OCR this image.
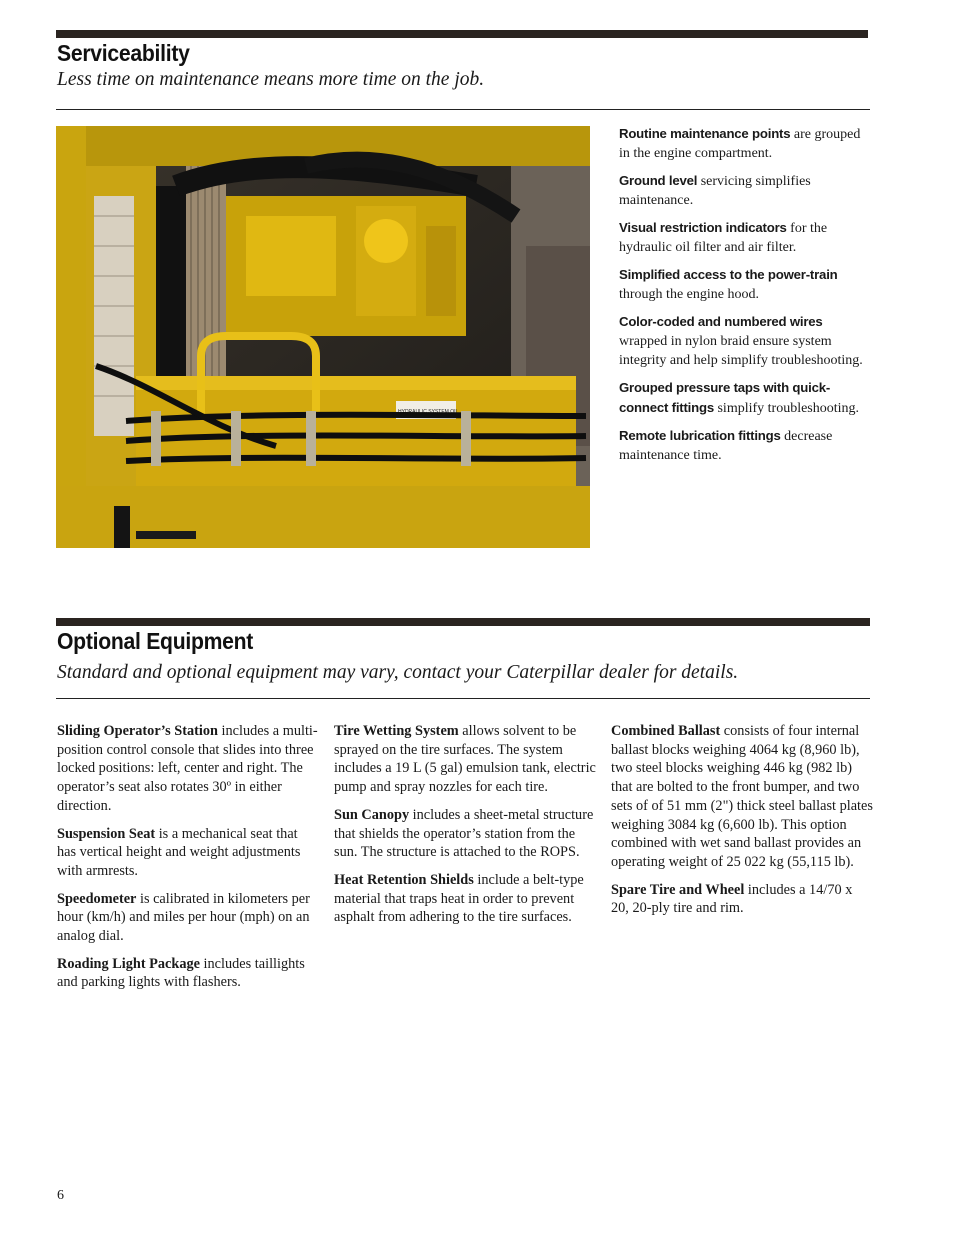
Serviceability

Less time on maintenance means more time on the job.

HYDRAULIC SYSTEM OIL

Routine maintenance points are grouped in the engine compartment.

Ground level servicing simplifies maintenance.

Visual restriction indicators for the hydraulic oil filter and air filter.

Simplified access to the power-train through the engine hood.

Color-coded and numbered wires wrapped in nylon braid ensure system integrity and help simplify troubleshooting.

Grouped pressure taps with quick-connect fittings simplify troubleshooting.

Remote lubrication fittings decrease maintenance time.

Optional Equipment

Standard and optional equipment may vary, contact your Caterpillar dealer for details.

Sliding Operator’s Station includes a multi-position control console that slides into three locked positions: left, center and right. The operator’s seat also rotates 30º in either direction.

Suspension Seat is a mechanical seat that has vertical height and weight adjustments with armrests.

Speedometer is calibrated in kilometers per hour (km/h) and miles per hour (mph) on an analog dial.

Roading Light Package includes taillights and parking lights with flashers.

Tire Wetting System allows solvent to be sprayed on the tire surfaces. The system includes a 19 L (5 gal) emulsion tank, electric pump and spray nozzles for each tire.

Sun Canopy includes a sheet-metal structure that shields the operator’s station from the sun. The structure is attached to the ROPS.

Heat Retention Shields include a belt-type material that traps heat in order to prevent asphalt from adhering to the tire surfaces.

Combined Ballast consists of four internal ballast blocks weighing 4064 kg (8,960 lb), two steel blocks weighing 446 kg (982 lb) that are bolted to the front bumper, and two sets of of 51 mm (2") thick steel ballast plates weighing 3084 kg (6,600 lb). This option combined with wet sand ballast provides an operating weight of 25 022 kg (55,115 lb).

Spare Tire and Wheel includes a 14/70 x 20, 20-ply tire and rim.

6
